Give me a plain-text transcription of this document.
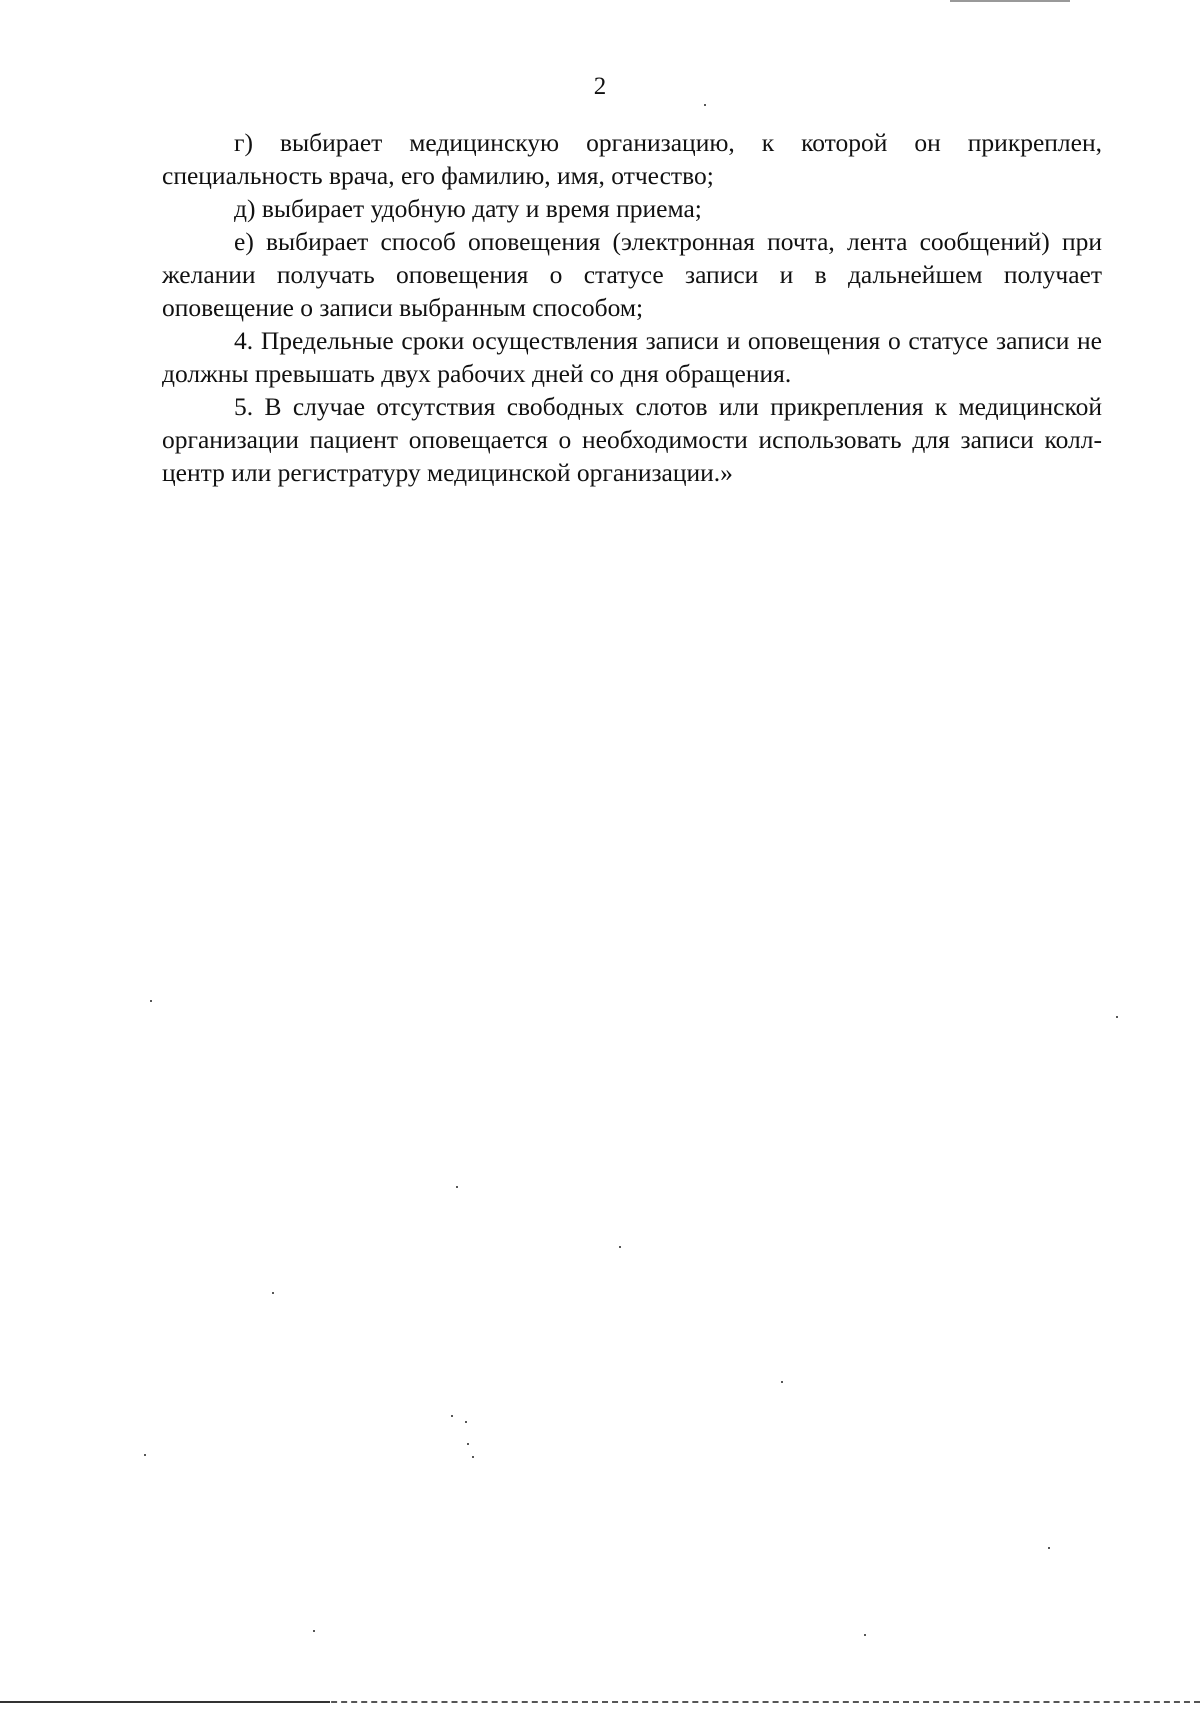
2

г) выбирает медицинскую организацию, к которой он прикреплен, специальность врача, его фамилию, имя, отчество;

д) выбирает удобную дату и время приема;

е) выбирает способ оповещения (электронная почта, лента сообщений) при желании получать оповещения о статусе записи и в дальнейшем получает оповещение о записи выбранным способом;

4. Предельные сроки осуществления записи и оповещения о статусе записи не должны превышать двух рабочих дней со дня обращения.

5. В случае отсутствия свободных слотов или прикрепления к медицинской организации пациент оповещается о необходимости использовать для записи колл-центр или регистратуру медицинской организации.»
